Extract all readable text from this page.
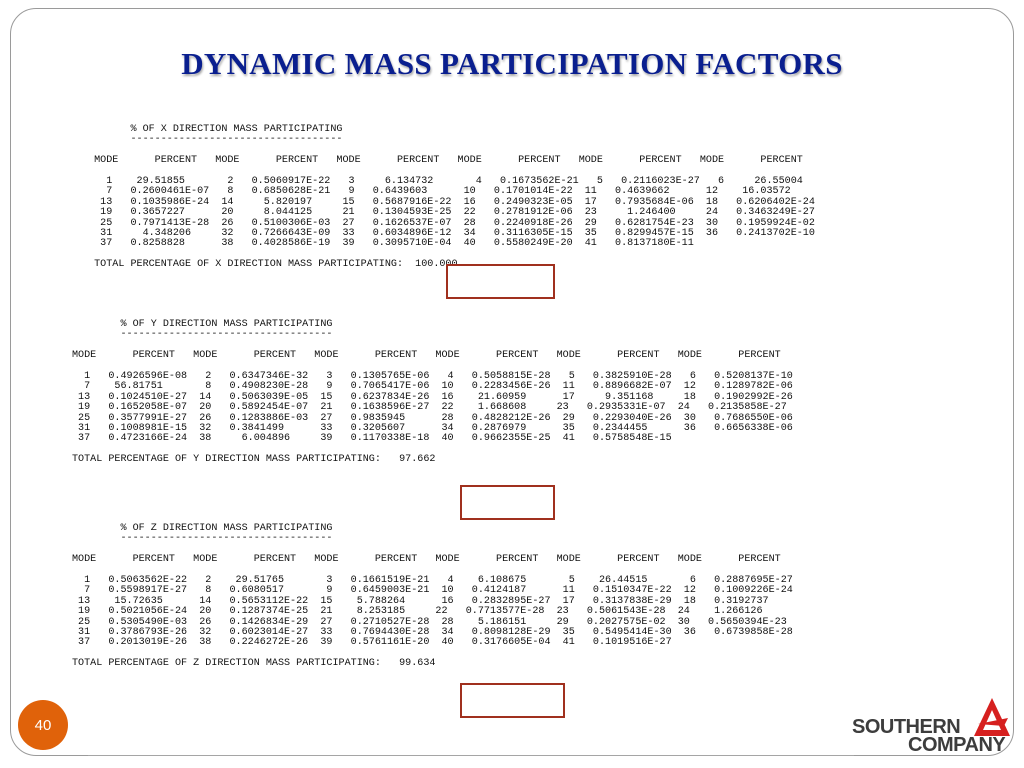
DYNAMIC MASS PARTICIPATION FACTORS
% OF X DIRECTION MASS PARTICIPATING
-----------------------------------

MODE      PERCENT   MODE      PERCENT   MODE      PERCENT   MODE      PERCENT   MODE      PERCENT   MODE      PERCENT

1    29.51855       2   0.5060917E-22   3     6.134732       4   0.1673562E-21   5   0.2116023E-27   6     26.55004
7   0.2600461E-07   8   0.6850628E-21   9   0.6439603      10   0.1701014E-22  11   0.4639662      12    16.03572
13   0.1035986E-24  14     5.820197     15   0.5687916E-22  16   0.2490323E-05  17   0.7935684E-06  18   0.6206402E-24
19   0.3657227      20     8.044125     21   0.1304593E-25  22   0.2781912E-06  23     1.246400     24   0.3463249E-27
25   0.7971413E-28  26   0.5100306E-03  27   0.1626537E-07  28   0.2240918E-26  29   0.6281754E-23  30   0.1959924E-02
31     4.348206     32   0.7266643E-09  33   0.6034896E-12  34   0.3116305E-15  35   0.8299457E-15  36   0.2413702E-10
37   0.8258828      38   0.4028586E-19  39   0.3095710E-04  40   0.5580249E-20  41   0.8137180E-11

TOTAL PERCENTAGE OF X DIRECTION MASS PARTICIPATING:  100.000
% OF Y DIRECTION MASS PARTICIPATING
-----------------------------------

MODE      PERCENT   MODE      PERCENT   MODE      PERCENT   MODE      PERCENT   MODE      PERCENT   MODE      PERCENT

1   0.4926596E-08   2   0.6347346E-32   3   0.1305765E-06   4   0.5058815E-28   5   0.3825910E-28   6   0.5208137E-10
7    56.81751       8   0.4908230E-28   9   0.7065417E-06  10   0.2283456E-26  11   0.8896682E-07  12   0.1289782E-06
13   0.1024510E-27  14   0.5063039E-05  15   0.6237834E-26  16    21.60959      17     9.351168     18   0.1902992E-26
19   0.1652058E-07  20   0.5892454E-07  21   0.1638596E-27  22    1.668608     23   0.2935331E-07  24   0.2135858E-27
25   0.3577991E-27  26   0.1283886E-03  27   0.9835945      28   0.4828212E-26  29   0.2293040E-26  30   0.7686550E-06
31   0.1008981E-15  32   0.3841499      33   0.3205607      34   0.2876979      35   0.2344455      36   0.6656338E-06
37   0.4723166E-24  38     6.004896     39   0.1170338E-18  40   0.9662355E-25  41   0.5758548E-15

TOTAL PERCENTAGE OF Y DIRECTION MASS PARTICIPATING:   97.662
% OF Z DIRECTION MASS PARTICIPATING
-----------------------------------

MODE      PERCENT   MODE      PERCENT   MODE      PERCENT   MODE      PERCENT   MODE      PERCENT   MODE      PERCENT

1   0.5063562E-22   2    29.51765       3   0.1661519E-21   4    6.108675       5    26.44515       6   0.2887695E-27
7   0.5598917E-27   8   0.6080517       9   0.6459003E-21  10   0.4124187      11   0.1510347E-22  12   0.1009226E-24
13    15.72635      14   0.5653112E-22  15    5.788264      16   0.2832895E-27  17   0.3137838E-29  18   0.3192737
19   0.5021056E-24  20   0.1287374E-25  21    8.253185     22   0.7713577E-28  23   0.5061543E-28  24    1.266126
25   0.5305490E-03  26   0.1426834E-29  27   0.2710527E-28  28    5.186151     29   0.2027575E-02  30   0.5650394E-23
31   0.3786793E-26  32   0.6023014E-27  33   0.7694430E-28  34   0.8098128E-29  35   0.5495414E-30  36   0.6739858E-28
37   0.2013019E-26  38   0.2246272E-26  39   0.5761161E-20  40   0.3176605E-04  41   0.1019516E-27

TOTAL PERCENTAGE OF Z DIRECTION MASS PARTICIPATING:   99.634
40	SOUTHERN
COMPANY
